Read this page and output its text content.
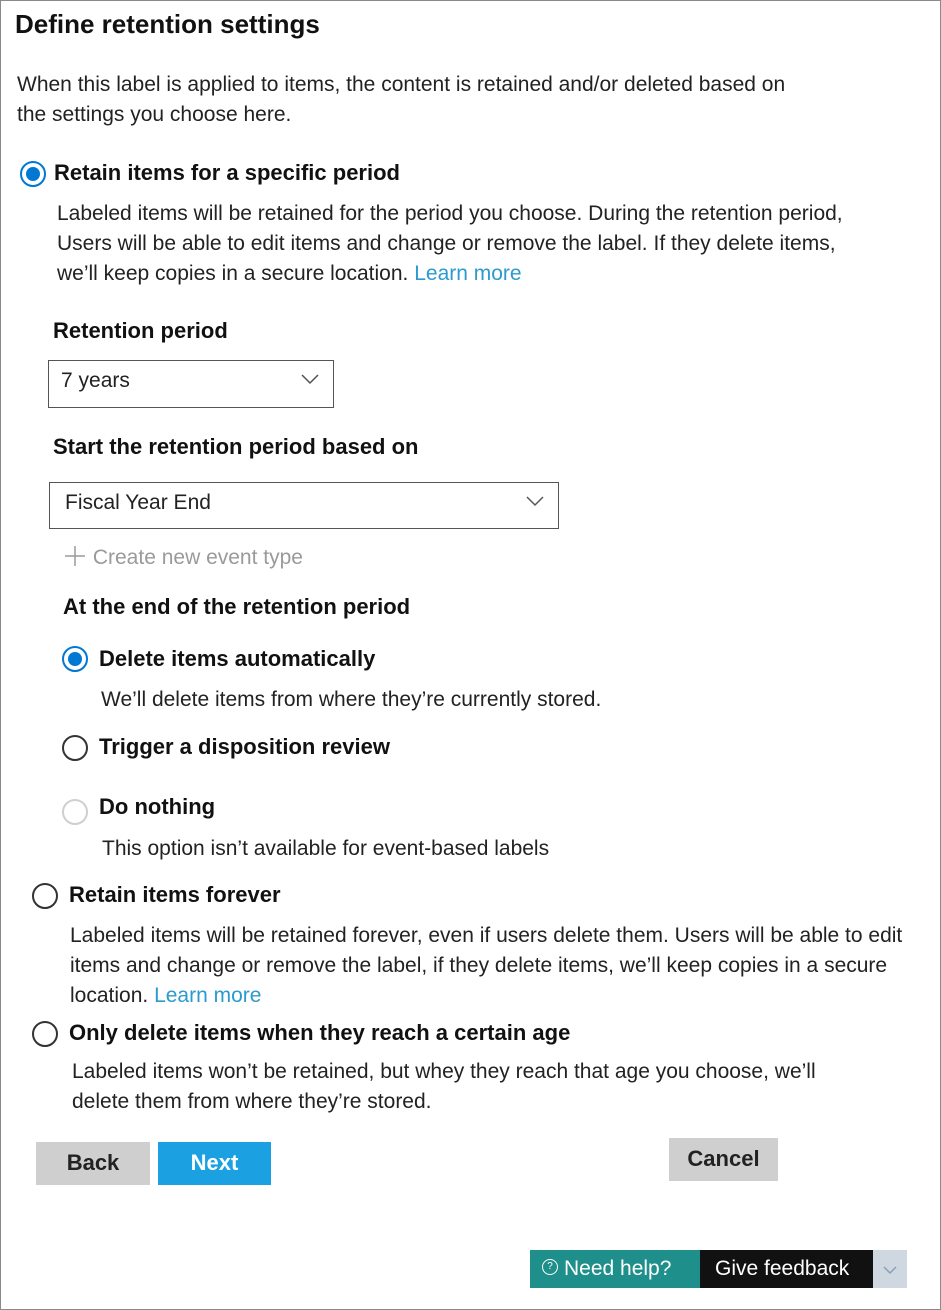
Define retention settings
When this label is applied to items, the content is retained and/or deleted based on the settings you choose here.
Retain items for a specific period
Labeled items will be retained for the period you choose. During the retention period, Users will be able to edit items and change or remove the label. If they delete items, we’ll keep copies in a secure location. Learn more
Retention period
7 years
Start the retention period based on
Fiscal Year End
Create new event type
At the end of the retention period
Delete items automatically
We’ll delete items from where they’re currently stored.
Trigger a disposition review
Do nothing
This option isn’t available for event-based labels
Retain items forever
Labeled items will be retained forever, even if users delete them. Users will be able to edit items and change or remove the label, if they delete items, we’ll keep copies in a secure location. Learn more
Only delete items when they reach a certain age
Labeled items won’t be retained, but whey they reach that age you choose, we’ll delete them from where they’re stored.
Back	Next	Cancel
? Need help?	Give feedback
